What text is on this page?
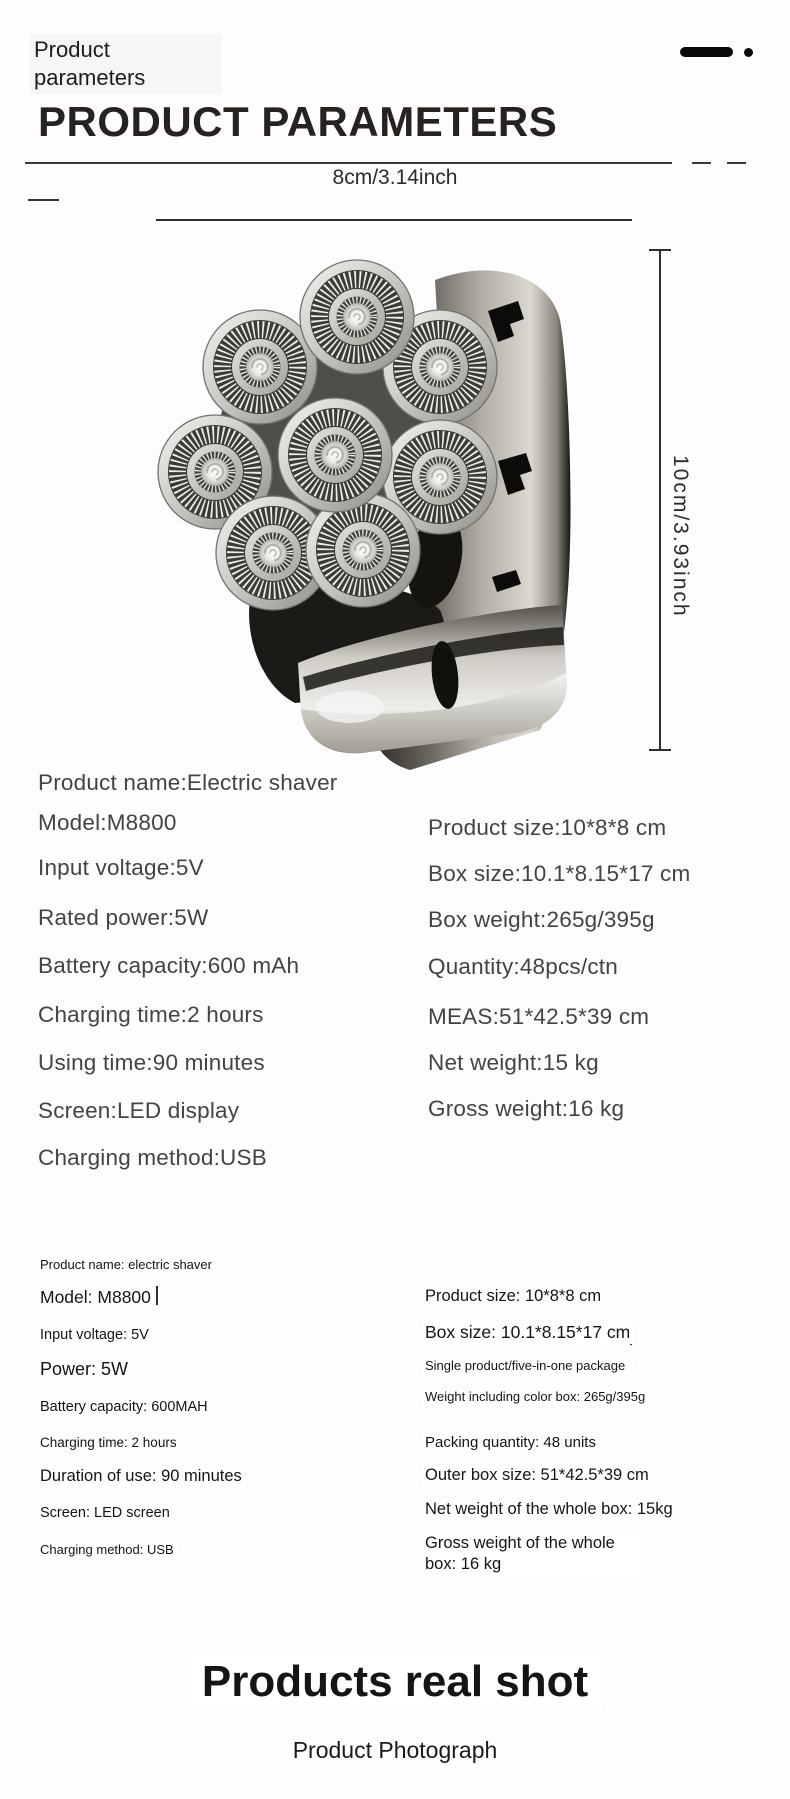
Product parameters
PRODUCT PARAMETERS
8cm/3.14inch
10cm/3.93inch
Product name:Electric shaver
Model:M8800
Input voltage:5V
Rated power:5W
Battery capacity:600 mAh
Charging time:2 hours
Using time:90 minutes
Screen:LED display
Charging method:USB
Product size:10*8*8 cm
Box size:10.1*8.15*17 cm
Box weight:265g/395g
Quantity:48pcs/ctn
MEAS:51*42.5*39 cm
Net weight:15 kg
Gross weight:16 kg
Product name: electric shaver
Model: M8800
Input voltage: 5V
Power: 5W
Battery capacity: 600MAH
Charging time: 2 hours
Duration of use: 90 minutes
Screen: LED screen
Charging method: USB
Product size: 10*8*8 cm
Box size: 10.1*8.15*17 cm
Single product/five-in-one package
Weight including color box: 265g/395g
Packing quantity: 48 units
Outer box size: 51*42.5*39 cm
Net weight of the whole box: 15kg
Gross weight of the whole box: 16 kg
Products real shot
Product Photograph
